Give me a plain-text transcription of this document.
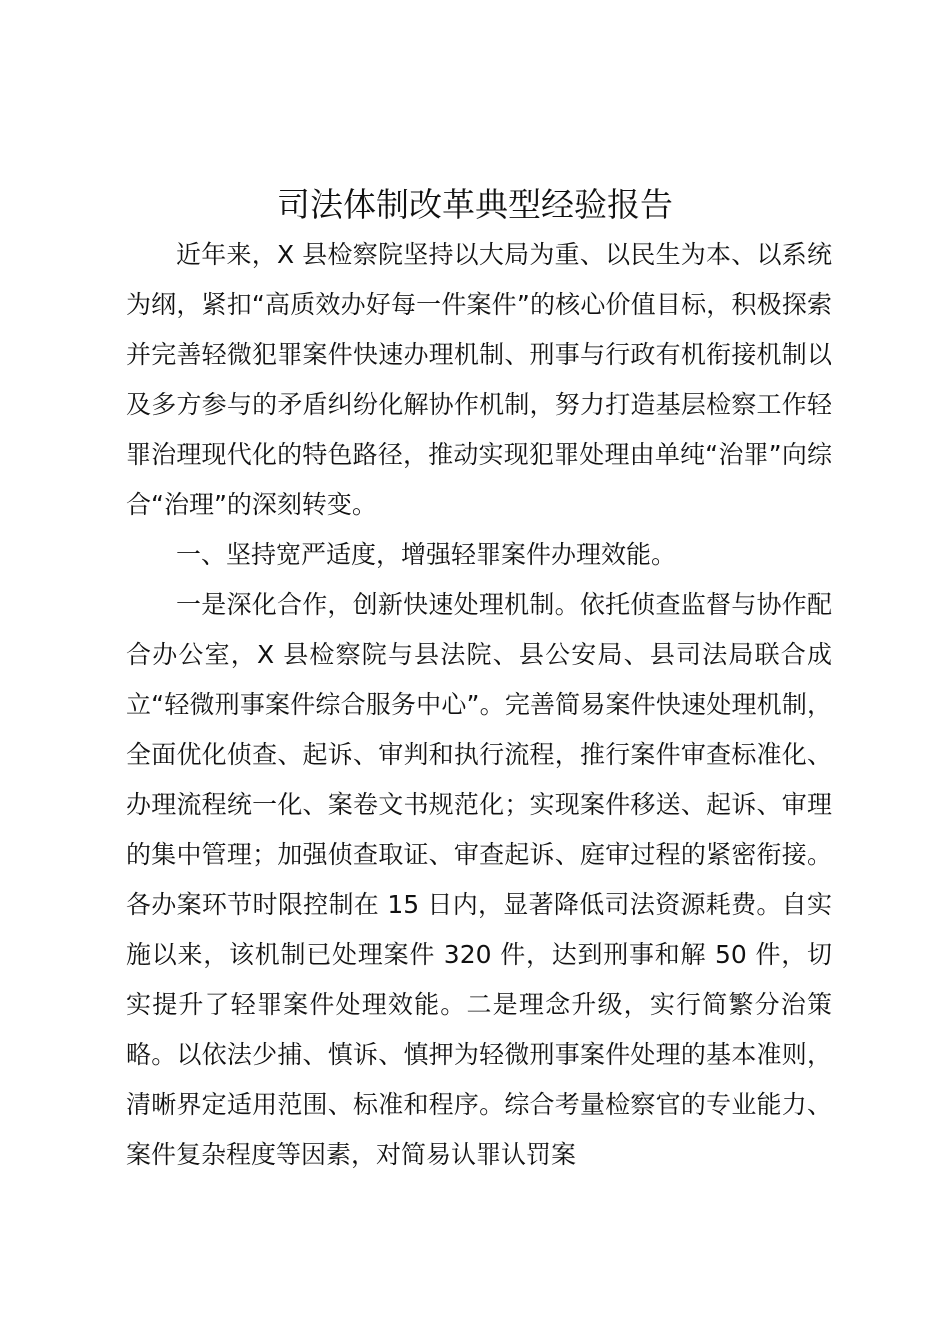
司法体制改革典型经验报告

近年来，X 县检察院坚持以大局为重、以民生为本、以系统为纲，紧扣“高质效办好每一件案件”的核心价值目标，积极探索并完善轻微犯罪案件快速办理机制、刑事与行政有机衔接机制以及多方参与的矛盾纠纷化解协作机制，努力打造基层检察工作轻罪治理现代化的特色路径，推动实现犯罪处理由单纯“治罪”向综合“治理”的深刻转变。

一、坚持宽严适度，增强轻罪案件办理效能。

一是深化合作，创新快速处理机制。依托侦查监督与协作配合办公室，X 县检察院与县法院、县公安局、县司法局联合成立“轻微刑事案件综合服务中心”。完善简易案件快速处理机制，全面优化侦查、起诉、审判和执行流程，推行案件审查标准化、办理流程统一化、案卷文书规范化；实现案件移送、起诉、审理的集中管理；加强侦查取证、审查起诉、庭审过程的紧密衔接。各办案环节时限控制在 15 日内，显著降低司法资源耗费。自实施以来，该机制已处理案件 320 件，达到刑事和解 50 件，切实提升了轻罪案件处理效能。二是理念升级，实行简繁分治策略。以依法少捕、慎诉、慎押为轻微刑事案件处理的基本准则，清晰界定适用范围、标准和程序。综合考量检察官的专业能力、案件复杂程度等因素，对简易认罪认罚案
